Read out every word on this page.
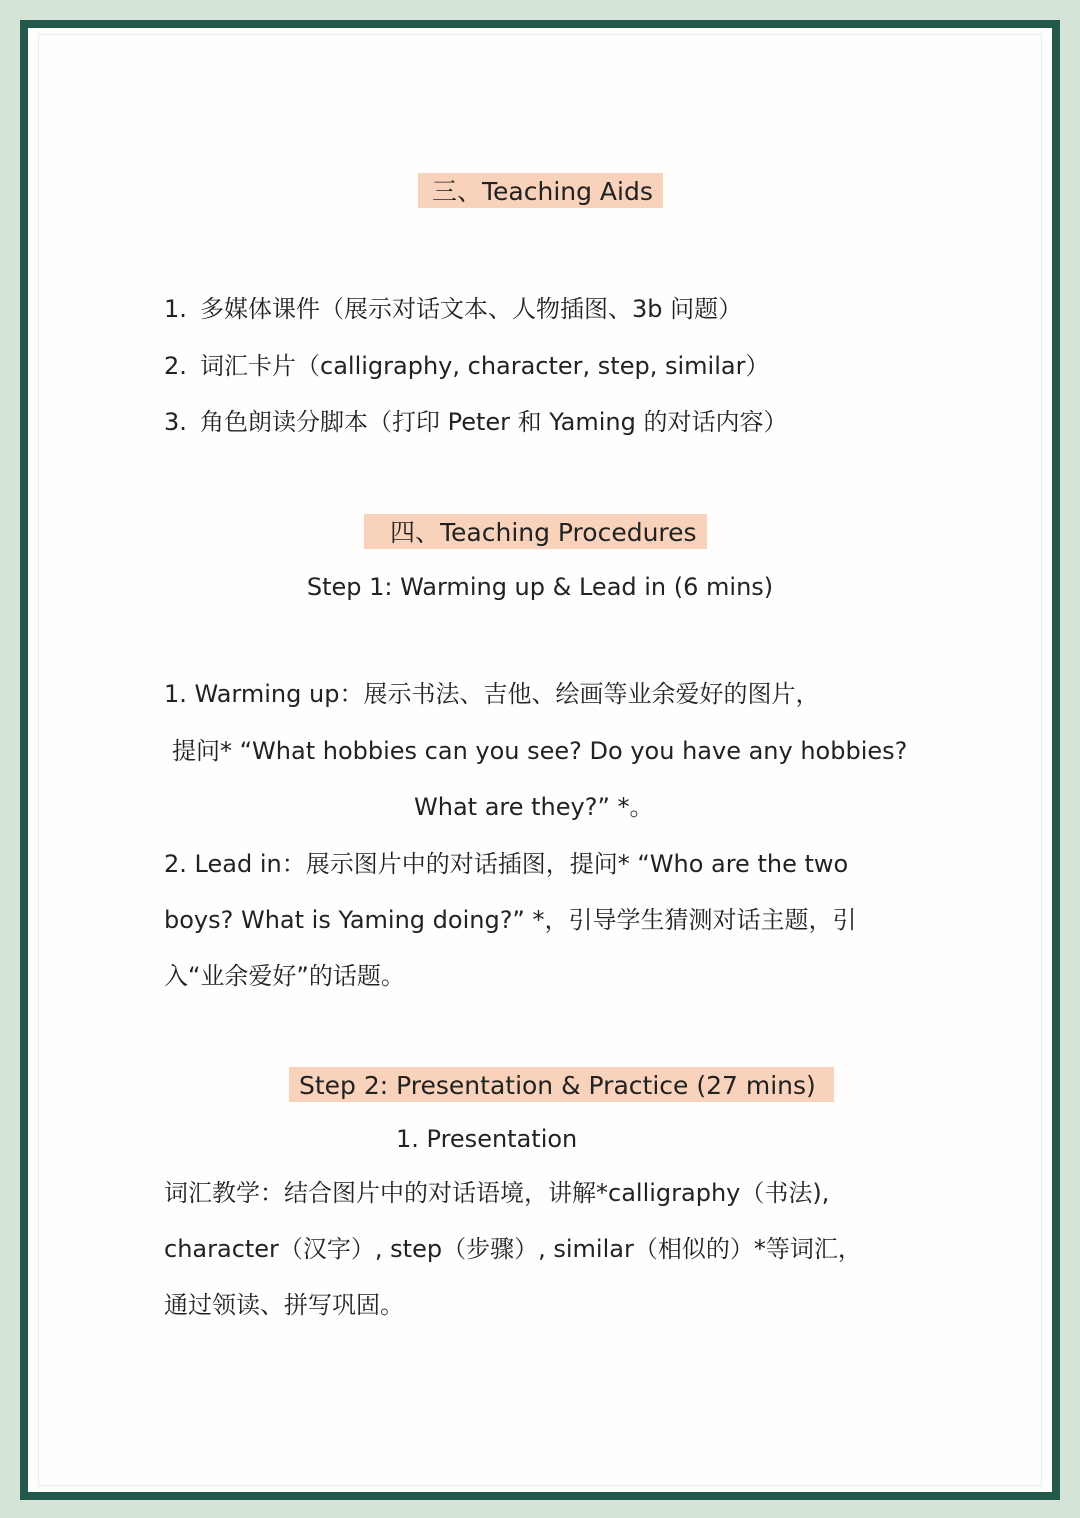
三、Teaching Aids
1. 多媒体课件（展示对话文本、人物插图、3b 问题）
2. 词汇卡片（calligraphy, character, step, similar）
3. 角色朗读分脚本（打印 Peter 和 Yaming 的对话内容）
四、Teaching Procedures
Step 1: Warming up & Lead in (6 mins)
1. Warming up：展示书法、吉他、绘画等业余爱好的图片，
提问* “What hobbies can you see? Do you have any hobbies?
What are they?” *。
2. Lead in：展示图片中的对话插图，提问* “Who are the two
boys? What is Yaming doing?” *，引导学生猜测对话主题，引
入“业余爱好”的话题。
Step 2: Presentation & Practice (27 mins)
1. Presentation
词汇教学：结合图片中的对话语境，讲解*calligraphy（书法),
character（汉字）, step（步骤）, similar（相似的）*等词汇，
通过领读、拼写巩固。
